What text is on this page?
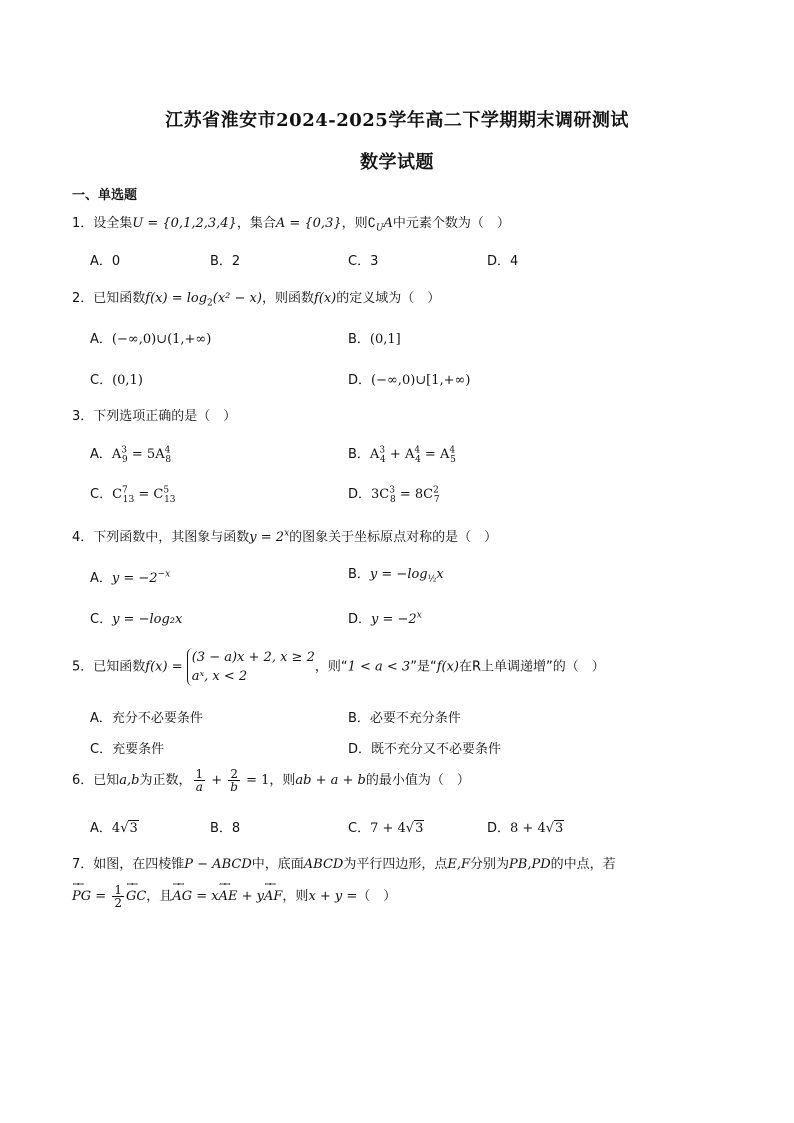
江苏省淮安市2024-2025学年高二下学期期末调研测试
数学试题
一、单选题
1．设全集U = {0,1,2,3,4}，集合A = {0,3}，则$∁_UA$中元素个数为（　）
A．0	B．2	C．3	D．4
2．已知函数$f(x) = \log_2(x^2 - x)$，则函数f(x)的定义域为（　）
A．(−∞,0)∪(1,+∞)	B．(0,1]
C．(0,1)	D．(−∞,0)∪[1,+∞)
3．下列选项正确的是（　）
A．$A^3_9 = 5A^4_8$	B．$A^3_4 + A^4_4 = A^4_5$
C．$C^7_{13} = C^5_{13}$	D．$3C^3_8 = 8C^2_7$
4．下列函数中，其图象与函数$y = 2^x$的图象关于坐标原点对称的是（　）
A．$y = -2^{-x}$	B．$y = -\log_{\frac{1}{2}}x$
C．y = −log₂x	D．$y = -2^x$
5．已知函数f(x) =
(3 − a)x + 2, x ≥ 2
aˣ, x < 2
，则“1 < a < 3”是“f(x)在R上单调递增”的（　）
A．充分不必要条件	B．必要不充分条件
C．充要条件	D．既不充分又不必要条件
6．已知a,b为正数， $\frac{1}{a} + \frac{2}{b} = 1$，则ab + a + b的最小值为（　）
A．4√3	B．8	C．7 + 4√3	D．8 + 4√3
7．如图，在四棱锥P − ABCD中，底面ABCD为平行四边形，点E,F分别为PB,PD的中点，若
ꟷꟷ PG = $\frac{1}{2}$
ꟷꟷ GC，且ꟷꟷ AG = xꟷꟷ AE + yꟷꟷ AF，则x + y =（　）
